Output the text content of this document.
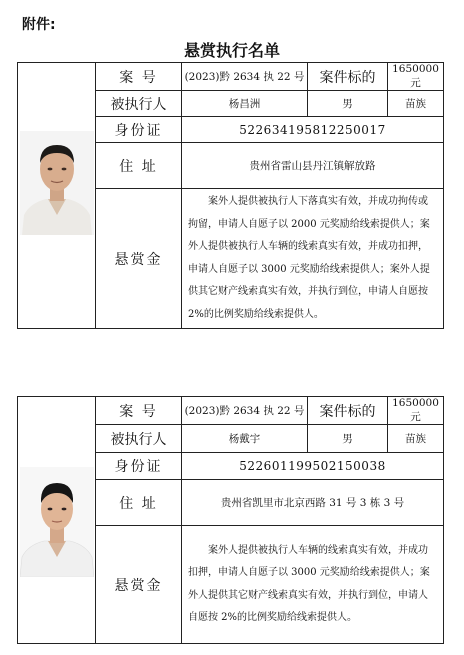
附件:
悬赏执行名单
	案 号	(2023)黔 2634 执 22 号	案件标的	1650000 元
	被执行人	杨昌洲	男	苗族
	身份证	522634195812250017		
	住 址	贵州省雷山县丹江镇解放路		
	悬赏金	案外人提供被执行人下落真实有效，并成功拘传或拘留，申请人自愿子以 2000 元奖励给线索提供人；案外人提供被执行人车辆的线索真实有效，并成功扣押，申请人自愿子以 3000 元奖励给线索提供人；案外人提供其它财产线索真实有效，并执行到位，申请人自愿按 2%的比例奖励给线索提供人。		

	案 号	(2023)黔 2634 执 22 号	案件标的	1650000 元
	被执行人	杨戴宇	男	苗族
	身份证	522601199502150038		
	住 址	贵州省凯里市北京西路 31 号 3 栋 3 号		
	悬赏金	案外人提供被执行人车辆的线索真实有效，并成功扣押，申请人自愿子以 3000 元奖励给线索提供人；案外人提供其它财产线索真实有效，并执行到位，申请人自愿按 2%的比例奖励给线索提供人。		
